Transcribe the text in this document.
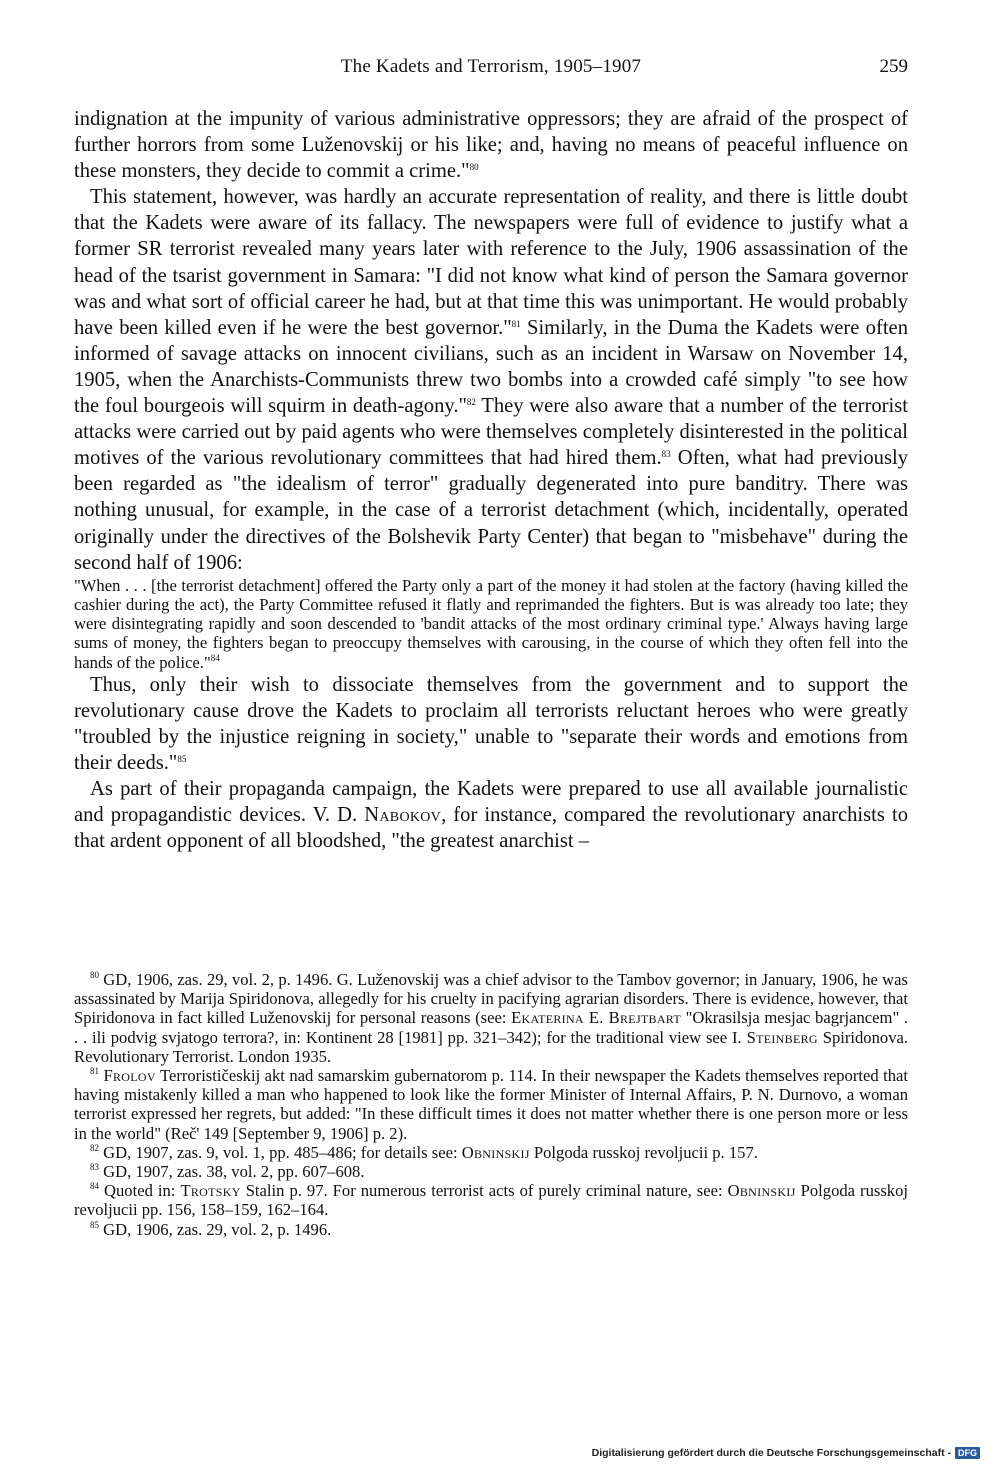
The Kadets and Terrorism, 1905–1907	259

indignation at the impunity of various administrative oppressors; they are afraid of the prospect of further horrors from some Luženovskij or his like; and, having no means of peaceful influence on these monsters, they decide to commit a crime."$^{80}$

This statement, however, was hardly an accurate representation of reality, and there is little doubt that the Kadets were aware of its fallacy. The newspapers were full of evidence to justify what a former SR terrorist revealed many years later with reference to the July, 1906 assassination of the head of the tsarist government in Samara: "I did not know what kind of person the Samara governor was and what sort of official career he had, but at that time this was unimportant. He would probably have been killed even if he were the best governor."$^{81}$ Similarly, in the Duma the Kadets were often informed of savage attacks on innocent civilians, such as an incident in Warsaw on November 14, 1905, when the Anarchists-Communists threw two bombs into a crowded café simply "to see how the foul bourgeois will squirm in death-agony."$^{82}$ They were also aware that a number of the terrorist attacks were carried out by paid agents who were themselves completely disinterested in the political motives of the various revolutionary committees that had hired them.$^{83}$ Often, what had previously been regarded as "the idealism of terror" gradually degenerated into pure banditry. There was nothing unusual, for example, in the case of a terrorist detachment (which, incidentally, operated originally under the directives of the Bolshevik Party Center) that began to "misbehave" during the second half of 1906:

"When . . . [the terrorist detachment] offered the Party only a part of the money it had stolen at the factory (having killed the cashier during the act), the Party Committee refused it flatly and reprimanded the fighters. But is was already too late; they were disintegrating rapidly and soon descended to 'bandit attacks of the most ordinary criminal type.' Always having large sums of money, the fighters began to preoccupy themselves with carousing, in the course of which they often fell into the hands of the police."$^{84}$

Thus, only their wish to dissociate themselves from the government and to support the revolutionary cause drove the Kadets to proclaim all terrorists reluctant heroes who were greatly "troubled by the injustice reigning in society," unable to "separate their words and emotions from their deeds."$^{85}$

As part of their propaganda campaign, the Kadets were prepared to use all available journalistic and propagandistic devices. V. D. Nabokov, for instance, compared the revolutionary anarchists to that ardent opponent of all bloodshed, "the greatest anarchist –

$^{80}$ GD, 1906, zas. 29, vol. 2, p. 1496. G. Luženovskij was a chief advisor to the Tambov governor; in January, 1906, he was assassinated by Marija Spiridonova, allegedly for his cruelty in pacifying agrarian disorders. There is evidence, however, that Spiridonova in fact killed Luženovskij for personal reasons (see: Ekaterina E. Brejtbart "Okrasilsja mesjac bagrjancem" . . . ili podvig svjatogo terrora?, in: Kontinent 28 [1981] pp. 321–342); for the traditional view see I. Steinberg Spiridonova. Revolutionary Terrorist. London 1935.

$^{81}$ Frolov Terrorističeskij akt nad samarskim gubernatorom p. 114. In their newspaper the Kadets themselves reported that having mistakenly killed a man who happened to look like the former Minister of Internal Affairs, P. N. Durnovo, a woman terrorist expressed her regrets, but added: "In these difficult times it does not matter whether there is one person more or less in the world" (Reč' 149 [September 9, 1906] p. 2).

$^{82}$ GD, 1907, zas. 9, vol. 1, pp. 485–486; for details see: Obninskij Polgoda russkoj revoljucii p. 157.

$^{83}$ GD, 1907, zas. 38, vol. 2, pp. 607–608.

$^{84}$ Quoted in: Trotsky Stalin p. 97. For numerous terrorist acts of purely criminal nature, see: Obninskij Polgoda russkoj revoljucii pp. 156, 158–159, 162–164.

$^{85}$ GD, 1906, zas. 29, vol. 2, p. 1496.

Digitalisierung gefördert durch die Deutsche Forschungsgemeinschaft - DFG
